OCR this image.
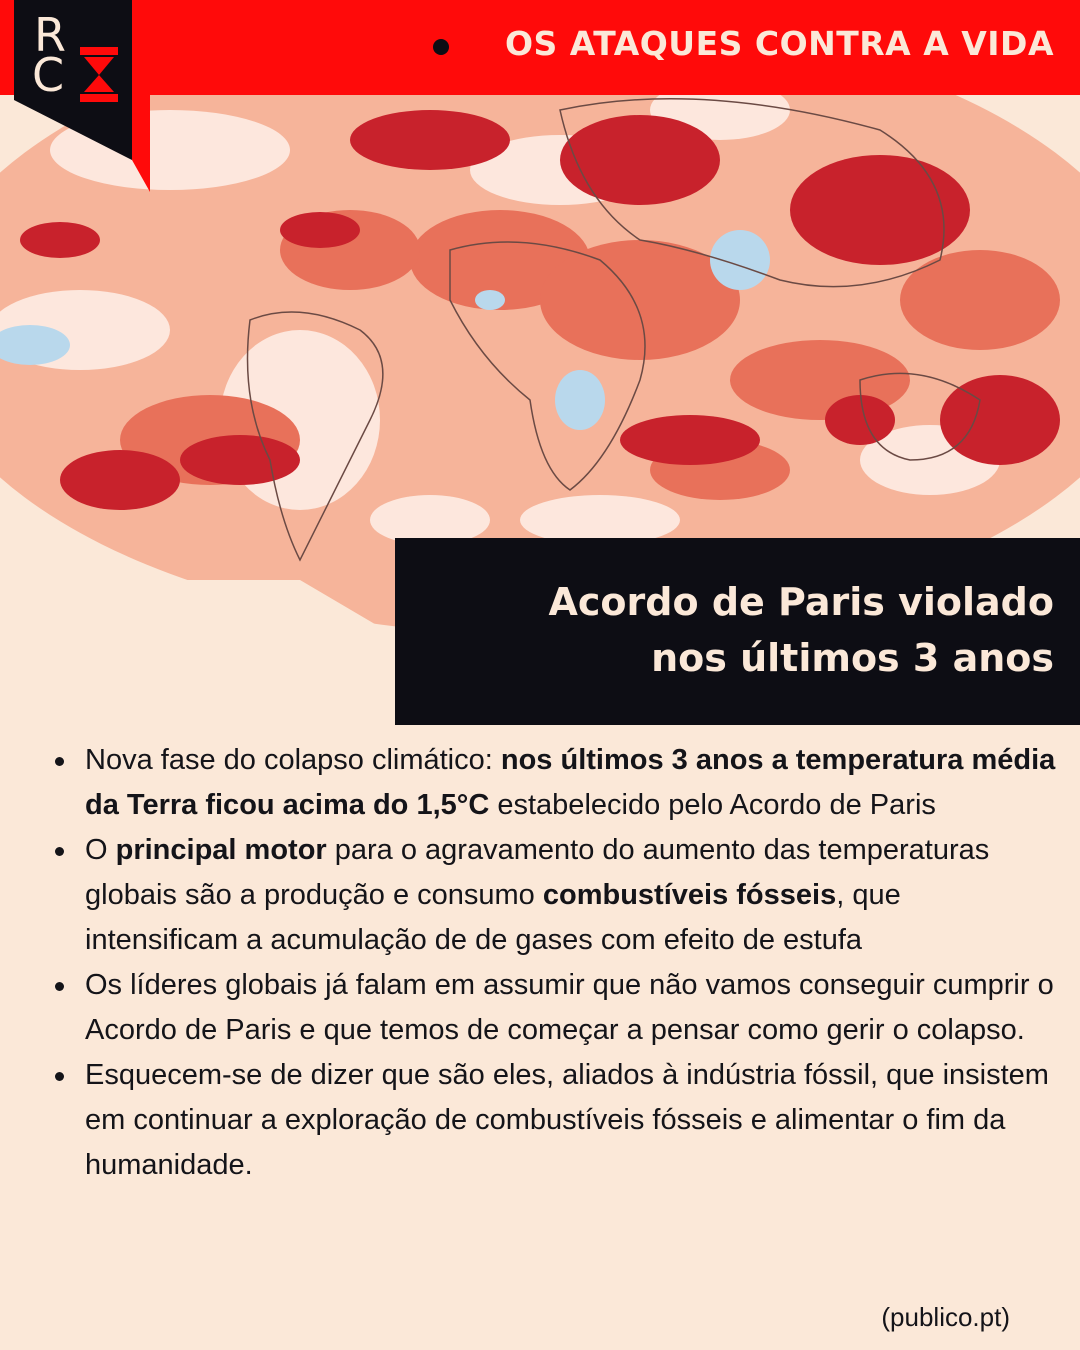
OS ATAQUES CONTRA A VIDA
R
C
Acordo de Paris violado
nos últimos 3 anos
Nova fase do colapso climático: nos últimos 3 anos a temperatura média da Terra ficou acima do 1,5°C estabelecido pelo Acordo de Paris
O principal motor para o agravamento do aumento das temperaturas globais são a produção e consumo combustíveis fósseis, que intensificam a acumulação de de gases com efeito de estufa
Os líderes globais já falam em assumir que não vamos conseguir cumprir o Acordo de Paris e que temos de começar a pensar como gerir o colapso.
Esquecem-se de dizer que são eles, aliados à indústria fóssil, que insistem em continuar a exploração de combustíveis fósseis e alimentar o fim da humanidade.
(publico.pt)
